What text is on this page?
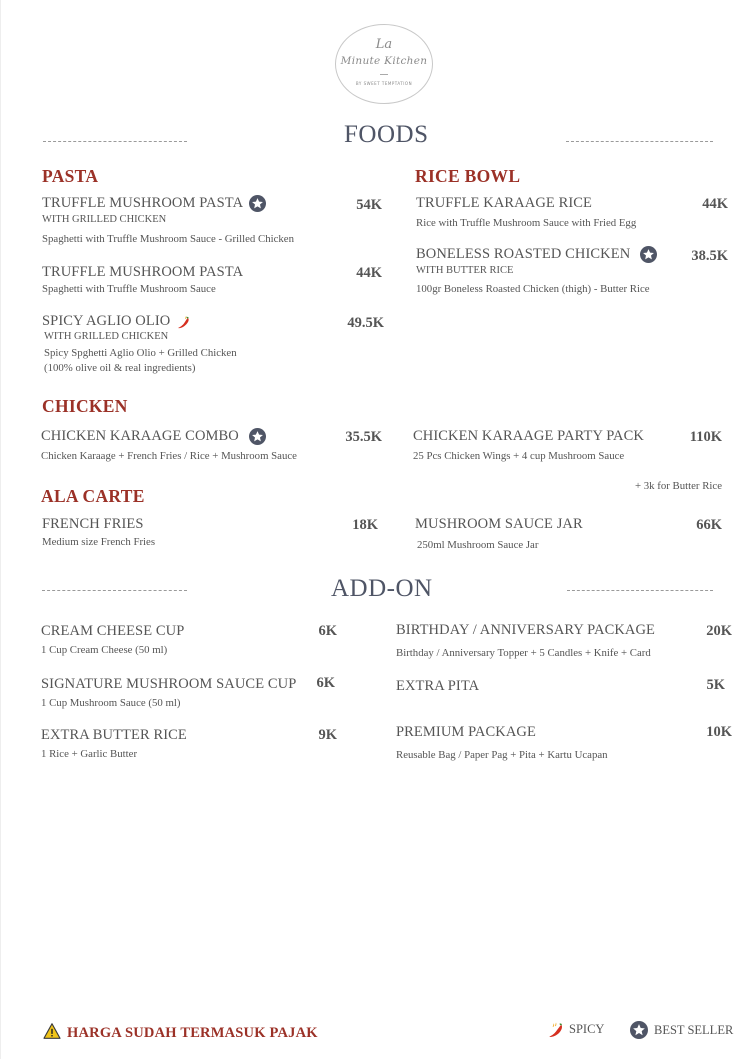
La
Minute Kitchen
BY SWEET TEMPTATION
FOODS
PASTA
TRUFFLE MUSHROOM PASTA	54K
WITH GRILLED CHICKEN
Spaghetti with Truffle Mushroom Sauce - Grilled Chicken
TRUFFLE MUSHROOM PASTA	44K
Spaghetti with Truffle Mushroom Sauce
SPICY AGLIO OLIO	49.5K
WITH GRILLED CHICKEN
Spicy Spghetti Aglio Olio + Grilled Chicken
(100% olive oil & real ingredients)
RICE BOWL
TRUFFLE KARAAGE RICE	44K
Rice with Truffle Mushroom Sauce with Fried Egg
BONELESS ROASTED CHICKEN	38.5K
WITH BUTTER RICE
100gr Boneless Roasted Chicken (thigh) - Butter Rice
CHICKEN
CHICKEN KARAAGE COMBO	35.5K
Chicken Karaage + French Fries / Rice + Mushroom Sauce
CHICKEN KARAAGE PARTY PACK	110K
25 Pcs Chicken Wings + 4 cup Mushroom Sauce
+ 3k for Butter Rice
ALA CARTE
FRENCH FRIES	18K
Medium size French Fries
MUSHROOM SAUCE JAR	66K
250ml Mushroom Sauce Jar
ADD-ON
CREAM CHEESE CUP	6K
1 Cup Cream Cheese (50 ml)
SIGNATURE MUSHROOM SAUCE CUP 6K
1 Cup Mushroom Sauce (50 ml)
EXTRA BUTTER RICE	9K
1 Rice + Garlic Butter
BIRTHDAY / ANNIVERSARY PACKAGE	20K
Birthday / Anniversary Topper + 5 Candles + Knife + Card
EXTRA PITA	5K
PREMIUM PACKAGE	10K
Reusable Bag / Paper Pag + Pita + Kartu Ucapan
HARGA SUDAH TERMASUK PAJAK	SPICY	BEST SELLER
